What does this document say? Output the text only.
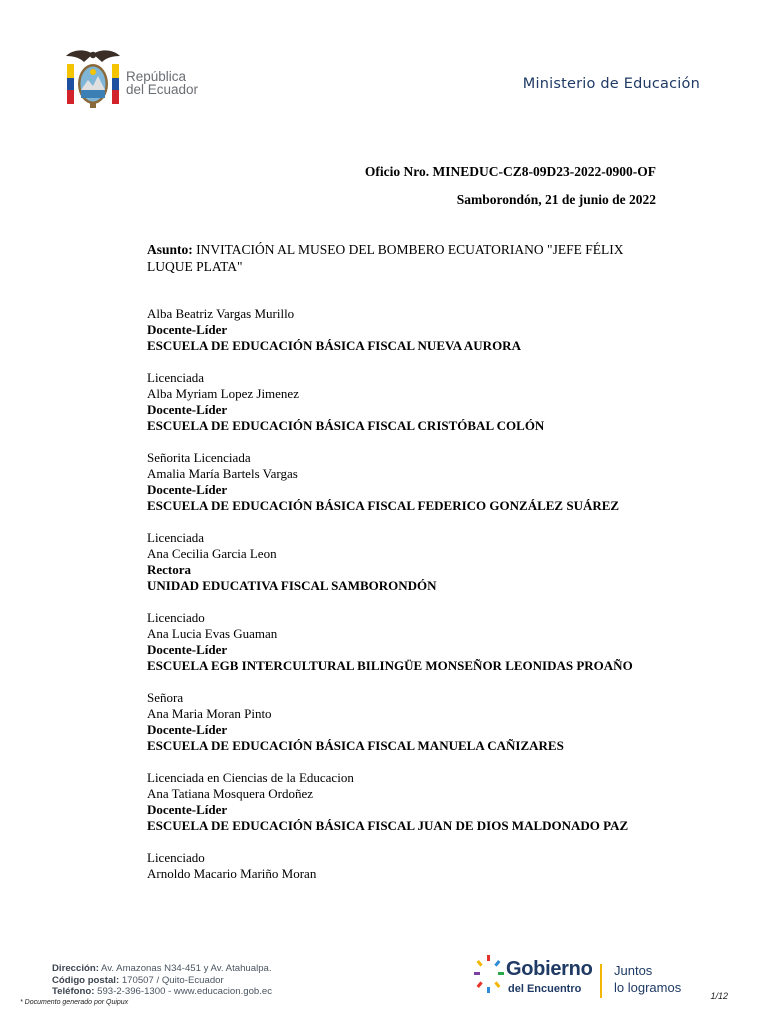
República
del Ecuador	Ministerio de Educación
Oficio Nro. MINEDUC-CZ8-09D23-2022-0900-OF
Samborondón, 21 de junio de 2022
Asunto: INVITACIÓN AL MUSEO DEL BOMBERO ECUATORIANO "JEFE FÉLIX LUQUE PLATA"
Alba Beatriz Vargas Murillo
Docente-Líder
ESCUELA DE EDUCACIÓN BÁSICA FISCAL NUEVA AURORA
Licenciada
Alba Myriam Lopez Jimenez
Docente-Líder
ESCUELA DE EDUCACIÓN BÁSICA FISCAL CRISTÓBAL COLÓN
Señorita Licenciada
Amalia María Bartels Vargas
Docente-Líder
ESCUELA DE EDUCACIÓN BÁSICA FISCAL FEDERICO GONZÁLEZ SUÁREZ
Licenciada
Ana Cecilia Garcia Leon
Rectora
UNIDAD EDUCATIVA FISCAL SAMBORONDÓN
Licenciado
Ana Lucia Evas Guaman
Docente-Líder
ESCUELA EGB INTERCULTURAL BILINGÜE MONSEÑOR LEONIDAS PROAÑO
Señora
Ana Maria Moran Pinto
Docente-Líder
ESCUELA DE EDUCACIÓN BÁSICA FISCAL MANUELA CAÑIZARES
Licenciada en Ciencias de la Educacion
Ana Tatiana Mosquera Ordoñez
Docente-Líder
ESCUELA DE EDUCACIÓN BÁSICA FISCAL JUAN DE DIOS MALDONADO PAZ
Licenciado
Arnoldo Macario Mariño Moran
Dirección: Av. Amazonas N34-451 y Av. Atahualpa.
Código postal: 170507 / Quito-Ecuador
Teléfono: 593-2-396-1300 - www.educacion.gob.ec
* Documento generado por Quipux
Gobierno
del Encuentro
Juntos
lo logramos
1/12
